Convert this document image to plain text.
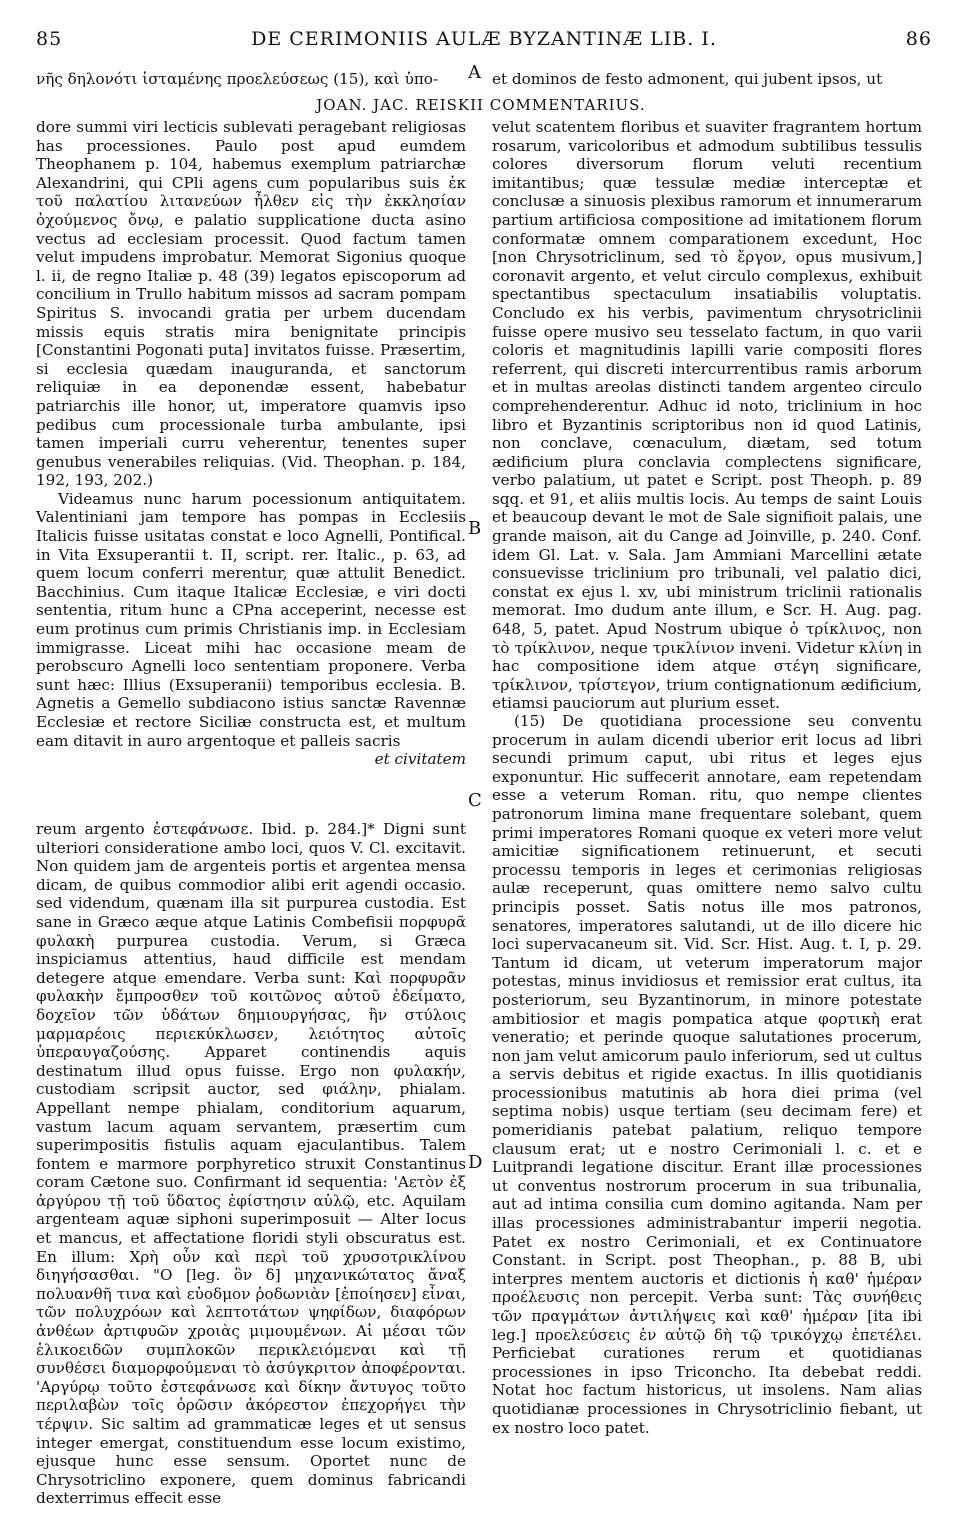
85	DE CERIMONIIS AULÆ BYZANTINÆ LIB. I.	86
νῆς δηλονότι ἱσταμένης προελεύσεως (15), καὶ ὑπο-	et dominos de festo admonent, qui jubent ipsos, ut
JOAN. JAC. REISKII COMMENTARIUS.
A
B
C
D
dore summi viri lecticis sublevati peragebant religiosas has processiones. Paulo post apud eumdem Theophanem p. 104, habemus exemplum patriarchæ Alexandrini, qui CPli agens cum popularibus suis ἐκ τοῦ παλατίου λιτανεύων ἦλθεν εἰς τὴν ἐκκλησίαν ὀχούμενος ὄνῳ, e palatio supplicatione ducta asino vectus ad ecclesiam processit. Quod factum tamen velut impudens improbatur. Memorat Sigonius quoque l. ii, de regno Italiæ p. 48 (39) legatos episcoporum ad concilium in Trullo habitum missos ad sacram pompam Spiritus S. invocandi gratia per urbem ducendam missis equis stratis mira benignitate principis [Constantini Pogonati puta] invitatos fuisse. Præsertim, si ecclesia quædam inauguranda, et sanctorum reliquiæ in ea deponendæ essent, habebatur patriarchis ille honor, ut, imperatore quamvis ipso pedibus cum processionale turba ambulante, ipsi tamen imperiali curru veherentur, tenentes super genubus venerabiles reliquias. (Vid. Theophan. p. 184, 192, 193, 202.)
Videamus nunc harum pocessionum antiquitatem. Valentiniani jam tempore has pompas in Ecclesiis Italicis fuisse usitatas constat e loco Agnelli, Pontifical. in Vita Exsuperantii t. II, script. rer. Italic., p. 63, ad quem locum conferri merentur, quæ attulit Benedict. Bacchinius. Cum itaque Italicæ Ecclesiæ, e viri docti sententia, ritum hunc a CPna acceperint, necesse est eum protinus cum primis Christianis imp. in Ecclesiam immigrasse. Liceat mihi hac occasione meam de perobscuro Agnelli loco sententiam proponere. Verba sunt hæc: Illius (Exsuperanii) temporibus ecclesia. B. Agnetis a Gemello subdiacono istius sanctæ Ravennæ Ecclesiæ et rectore Siciliæ constructa est, et multum eam ditavit in auro argentoque et palleis sacris
et civitatem
velut scatentem floribus et suaviter fragrantem hortum rosarum, varicoloribus et admodum subtilibus tessulis colores diversorum florum veluti recentium imitantibus; quæ tessulæ mediæ interceptæ et conclusæ a sinuosis plexibus ramorum et innumerarum partium artificiosa compositione ad imitationem florum conformatæ omnem comparationem excedunt, Hoc [non Chrysotriclinum, sed τὸ ἔργον, opus musivum,] coronavit argento, et velut circulo complexus, exhibuit spectantibus spectaculum insatiabilis voluptatis. Concludo ex his verbis, pavimentum chrysotriclinii fuisse opere musivo seu tesselato factum, in quo varii coloris et magnitudinis lapilli varie compositi flores referrent, qui discreti intercurrentibus ramis arborum et in multas areolas distincti tandem argenteo circulo comprehenderentur. Adhuc id noto, triclinium in hoc libro et Byzantinis scriptoribus non id quod Latinis, non conclave, cœnaculum, diætam, sed totum ædificium plura conclavia complectens significare, verbo palatium, ut patet e Script. post Theoph. p. 89 sqq. et 91, et aliis multis locis. Au temps de saint Louis et beaucoup devant le mot de Sale signifioit palais, une grande maison, ait du Cange ad Joinville, p. 240. Conf. idem Gl. Lat. v. Sala. Jam Ammiani Marcellini ætate consuevisse triclinium pro tribunali, vel palatio dici, constat ex ejus l. xv, ubi ministrum triclinii rationalis memorat. Imo dudum ante illum, e Scr. H. Aug. pag. 648, 5, patet. Apud Nostrum ubique ὁ τρίκλινος, non τὸ τρίκλινον, neque τρικλίνιον inveni. Videtur κλίνη in hac compositione idem atque στέγη significare, τρίκλινον, τρίστεγον, trium contignationum ædificium, etiamsi pauciorum aut plurium esset.
(15) De quotidiana processione seu conventu procerum in aulam dicendi uberior erit locus ad libri secundi primum caput, ubi ritus et leges ejus exponuntur. Hic suffecerit annotare, eam repetendam esse a veterum Roman. ritu, quo nempe clientes patronorum limina mane frequentare solebant, quem primi imperatores Romani quoque ex veteri more velut amicitiæ significationem retinuerunt, et secuti processu temporis in leges et cerimonias religiosas aulæ receperunt, quas omittere nemo salvo cultu principis posset. Satis notus ille mos patronos, senatores, imperatores salutandi, ut de illo dicere hic loci supervacaneum sit. Vid. Scr. Hist. Aug. t. I, p. 29. Tantum id dicam, ut veterum imperatorum major potestas, minus invidiosus et remissior erat cultus, ita posteriorum, seu Byzantinorum, in minore potestate ambitiosior et magis pompatica atque φορτικὴ erat veneratio; et perinde quoque salutationes procerum, non jam velut amicorum paulo inferiorum, sed ut cultus a servis debitus et rigide exactus. In illis quotidianis processionibus matutinis ab hora diei prima (vel septima nobis) usque tertiam (seu decimam fere) et pomeridianis patebat palatium, reliquo tempore clausum erat; ut e nostro Cerimoniali l. c. et e Luitprandi legatione discitur. Erant illæ processiones ut conventus nostrorum procerum in sua tribunalia, aut ad intima consilia cum domino agitanda. Nam per illas processiones administrabantur imperii negotia. Patet ex nostro Cerimoniali, et ex Continuatore Constant. in Script. post Theophan., p. 88 B, ubi interpres mentem auctoris et dictionis ἡ καθ' ἡμέραν προέλευσις non percepit. Verba sunt: Τὰς συνήθεις τῶν πραγμάτων ἀντιλήψεις καὶ καθ' ἡμέραν [ita ibi leg.] προελεύσεις ἐν αὐτῷ δὴ τῷ τρικόγχῳ ἐπετέλει. Perficiebat curationes rerum et quotidianas processiones in ipso Triconcho. Ita debebat reddi. Notat hoc factum historicus, ut insolens. Nam alias quotidianæ processiones in Chrysotriclinio fiebant, ut ex nostro loco patet.
reum argento ἐστεφάνωσε. Ibid. p. 284.]* Digni sunt ulteriori consideratione ambo loci, quos V. Cl. excitavit. Non quidem jam de argenteis portis et argentea mensa dicam, de quibus commodior alibi erit agendi occasio. sed videndum, quænam illa sit purpurea custodia. Est sane in Græco æque atque Latinis Combefisii πορφυρᾶ φυλακὴ purpurea custodia. Verum, si Græca inspiciamus attentius, haud difficile est mendam detegere atque emendare. Verba sunt: Καὶ πορφυρᾶν φυλακὴν ἔμπροσθεν τοῦ κοιτῶνος αὐτοῦ ἐδείματο, δοχεῖον τῶν ὑδάτων δημιουργήσας, ἣν στύλοις μαρμαρέοις περιεκύκλωσεν, λειότητος αὐτοῖς ὑπεραυγαζούσης. Apparet continendis aquis destinatum illud opus fuisse. Ergo non φυλακήν, custodiam scripsit auctor, sed φιάλην, phialam. Appellant nempe phialam, conditorium aquarum, vastum lacum aquam servantem, præsertim cum superimpositis fistulis aquam ejaculantibus. Talem fontem e marmore porphyretico struxit Constantinus coram Cætone suo. Confirmant id sequentia: 'Αετὸν ἐξ ἀργύρου τῇ τοῦ ὕδατος ἐφίστησιν αὐλῷ, etc. Aquilam argenteam aquæ siphoni superimposuit — Alter locus et mancus, et affectatione floridi styli obscuratus est. En illum: Χρὴ οὖν καὶ περὶ τοῦ χρυσοτρικλίνου διηγήσασθαι. "Ο [leg. ὃν δ] μηχανικώτατος ἄναξ πολυανθῆ τινα καὶ εὐοδμον ῥοδωνιὰν [ἐποίησεν] εἶναι, τῶν πολυχρόων καὶ λεπτοτάτων ψηφίδων, διαφόρων ἀνθέων ἀρτιφυῶν χροιὰς μιμουμένων. Αἱ μέσαι τῶν ἑλικοειδῶν συμπλοκῶν περικλειόμεναι καὶ τῇ συνθέσει διαμορφούμεναι τὸ ἀσύγκριτον ἀποφέρονται. 'Αργύρῳ τοῦτο ἐστεφάνωσε καὶ δίκην ἄντυγος τοῦτο περιλαβὼν τοῖς ὁρῶσιν ἀκόρεστον ἐπεχορήγει τὴν τέρψιν. Sic saltim ad grammaticæ leges et ut sensus integer emergat, constituendum esse locum existimo, ejusque hunc esse sensum. Oportet nunc de Chrysotriclino exponere, quem dominus fabricandi dexterrimus effecit esse
